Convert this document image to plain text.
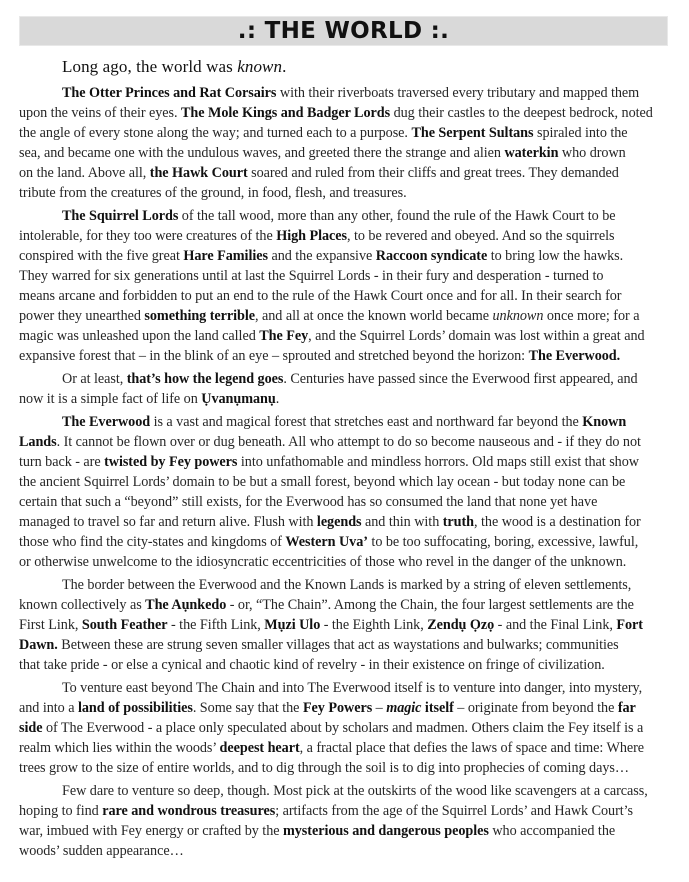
.: THE WORLD :.

Long ago, the world was known.

The Otter Princes and Rat Corsairs with their riverboats traversed every tributary and mapped them
upon the veins of their eyes. The Mole Kings and Badger Lords dug their castles to the deepest bedrock, noted
the angle of every stone along the way; and turned each to a purpose. The Serpent Sultans spiraled into the
sea, and became one with the undulous waves, and greeted there the strange and alien waterkin who drown
on the land. Above all, the Hawk Court soared and ruled from their cliffs and great trees. They demanded
tribute from the creatures of the ground, in food, flesh, and treasures.
The Squirrel Lords of the tall wood, more than any other, found the rule of the Hawk Court to be
intolerable, for they too were creatures of the High Places, to be revered and obeyed. And so the squirrels
conspired with the five great Hare Families and the expansive Raccoon syndicate to bring low the hawks.
They warred for six generations until at last the Squirrel Lords - in their fury and desperation - turned to
means arcane and forbidden to put an end to the rule of the Hawk Court once and for all. In their search for
power they unearthed something terrible, and all at once the known world became unknown once more; for a
magic was unleashed upon the land called The Fey, and the Squirrel Lords’ domain was lost within a great and
expansive forest that – in the blink of an eye – sprouted and stretched beyond the horizon: The Everwood.
Or at least, that’s how the legend goes. Centuries have passed since the Everwood first appeared, and
now it is a simple fact of life on Ụvanụmanụ.
The Everwood is a vast and magical forest that stretches east and northward far beyond the Known
Lands. It cannot be flown over or dug beneath. All who attempt to do so become nauseous and - if they do not
turn back - are twisted by Fey powers into unfathomable and mindless horrors. Old maps still exist that show
the ancient Squirrel Lords’ domain to be but a small forest, beyond which lay ocean - but today none can be
certain that such a “beyond” still exists, for the Everwood has so consumed the land that none yet have
managed to travel so far and return alive. Flush with legends and thin with truth, the wood is a destination for
those who find the city-states and kingdoms of Western Uva’ to be too suffocating, boring, excessive, lawful,
or otherwise unwelcome to the idiosyncratic eccentricities of those who revel in the danger of the unknown.
The border between the Everwood and the Known Lands is marked by a string of eleven settlements,
known collectively as The Aụnkedo - or, “The Chain”. Among the Chain, the four largest settlements are the
First Link, South Feather - the Fifth Link, Mụzi Ulo - the Eighth Link, Zendụ Ọzọ - and the Final Link, Fort
Dawn. Between these are strung seven smaller villages that act as waystations and bulwarks; communities
that take pride - or else a cynical and chaotic kind of revelry - in their existence on fringe of civilization.
To venture east beyond The Chain and into The Everwood itself is to venture into danger, into mystery,
and into a land of possibilities. Some say that the Fey Powers – magic itself – originate from beyond the far
side of The Everwood - a place only speculated about by scholars and madmen. Others claim the Fey itself is a
realm which lies within the woods’ deepest heart, a fractal place that defies the laws of space and time: Where
trees grow to the size of entire worlds, and to dig through the soil is to dig into prophecies of coming days…
Few dare to venture so deep, though. Most pick at the outskirts of the wood like scavengers at a carcass,
hoping to find rare and wondrous treasures; artifacts from the age of the Squirrel Lords’ and Hawk Court’s
war, imbued with Fey energy or crafted by the mysterious and dangerous peoples who accompanied the
woods’ sudden appearance…
